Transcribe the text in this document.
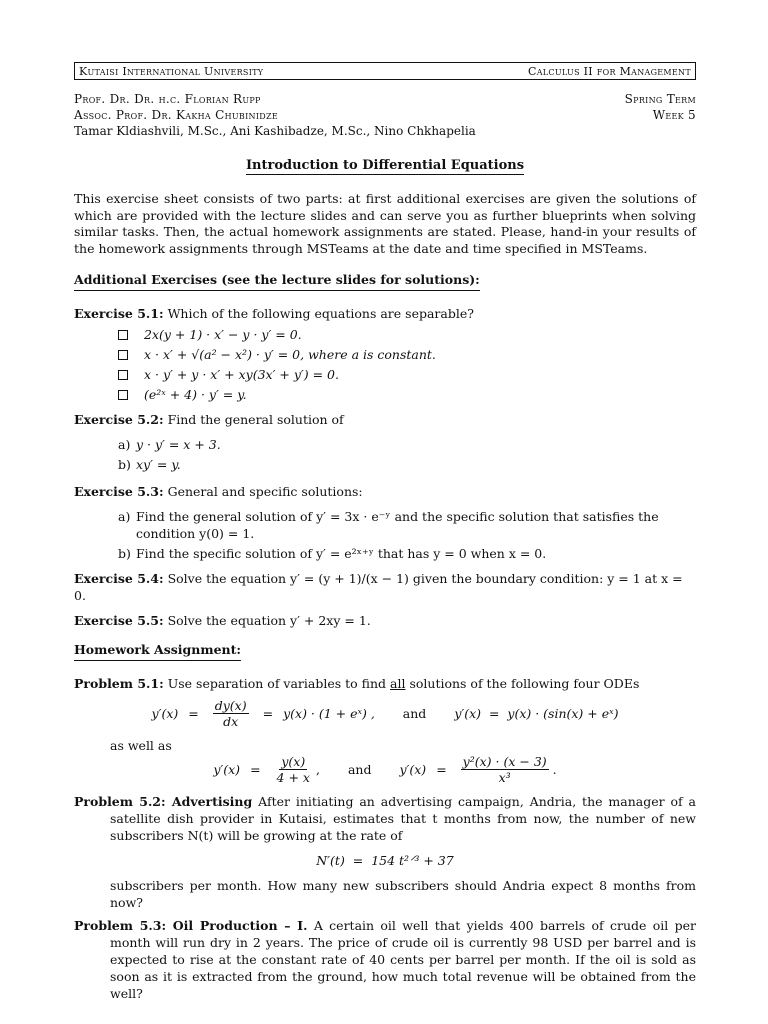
Kutaisi International University	Calculus II for Management
Prof. Dr. Dr. h.c. Florian Rupp	Spring Term
Assoc. Prof. Dr. Kakha Chubinidze	Week 5
Tamar Kldiashvili, M.Sc., Ani Kashibadze, M.Sc., Nino Chkhapelia
Introduction to Differential Equations

This exercise sheet consists of two parts: at first additional exercises are given the solutions of which are provided with the lecture slides and can serve you as further blueprints when solving similar tasks. Then, the actual homework assignments are stated. Please, hand-in your results of the homework assignments through MSTeams at the date and time specified in MSTeams.

Additional Exercises (see the lecture slides for solutions):
Exercise 5.1: Which of the following equations are separable?
2x(y + 1) · x′ − y · y′ = 0.
x · x′ + √(a² − x²) · y′ = 0, where a is constant.
x · y′ + y · x′ + xy(3x′ + y′) = 0.
(e²ˣ + 4) · y′ = y.
Exercise 5.2: Find the general solution of
a) y · y′ = x + 3.
b) xy′ = y.
Exercise 5.3: General and specific solutions:
a) Find the general solution of y′ = 3x · e⁻ʸ and the specific solution that satisfies the condition y(0) = 1.
b) Find the specific solution of y′ = e²ˣ⁺ʸ that has y = 0 when x = 0.
Exercise 5.4: Solve the equation y′ = (y + 1)/(x − 1) given the boundary condition: y = 1 at x = 0.
Exercise 5.5: Solve the equation y′ + 2xy = 1.
Homework Assignment:
Problem 5.1: Use separation of variables to find all solutions of the following four ODEs
$y'(x) = \frac{dy(x)}{dx} = y(x) \cdot (1$ + eˣ) , and y′(x)  =  y(x) · (sin(x) + eˣ)
as well as
$y'(x) = \frac{y(x)}{4 + x}$ , and $y'(x) = \frac{\text{y²(x) · (x − 3)}}{\text{x³}}$ .
Problem 5.2: Advertising After initiating an advertising campaign, Andria, the manager of a satellite dish provider in Kutaisi, estimates that t months from now, the number of new subscribers N(t) will be growing at the rate of
N′(t)  =  154 t²ᐟ³ + 37
subscribers per month. How many new subscribers should Andria expect 8 months from now?
Problem 5.3: Oil Production – I. A certain oil well that yields 400 barrels of crude oil per month will run dry in 2 years. The price of crude oil is currently 98 USD per barrel and is expected to rise at the constant rate of 40 cents per barrel per month. If the oil is sold as soon as it is extracted from the ground, how much total revenue will be obtained from the well?
